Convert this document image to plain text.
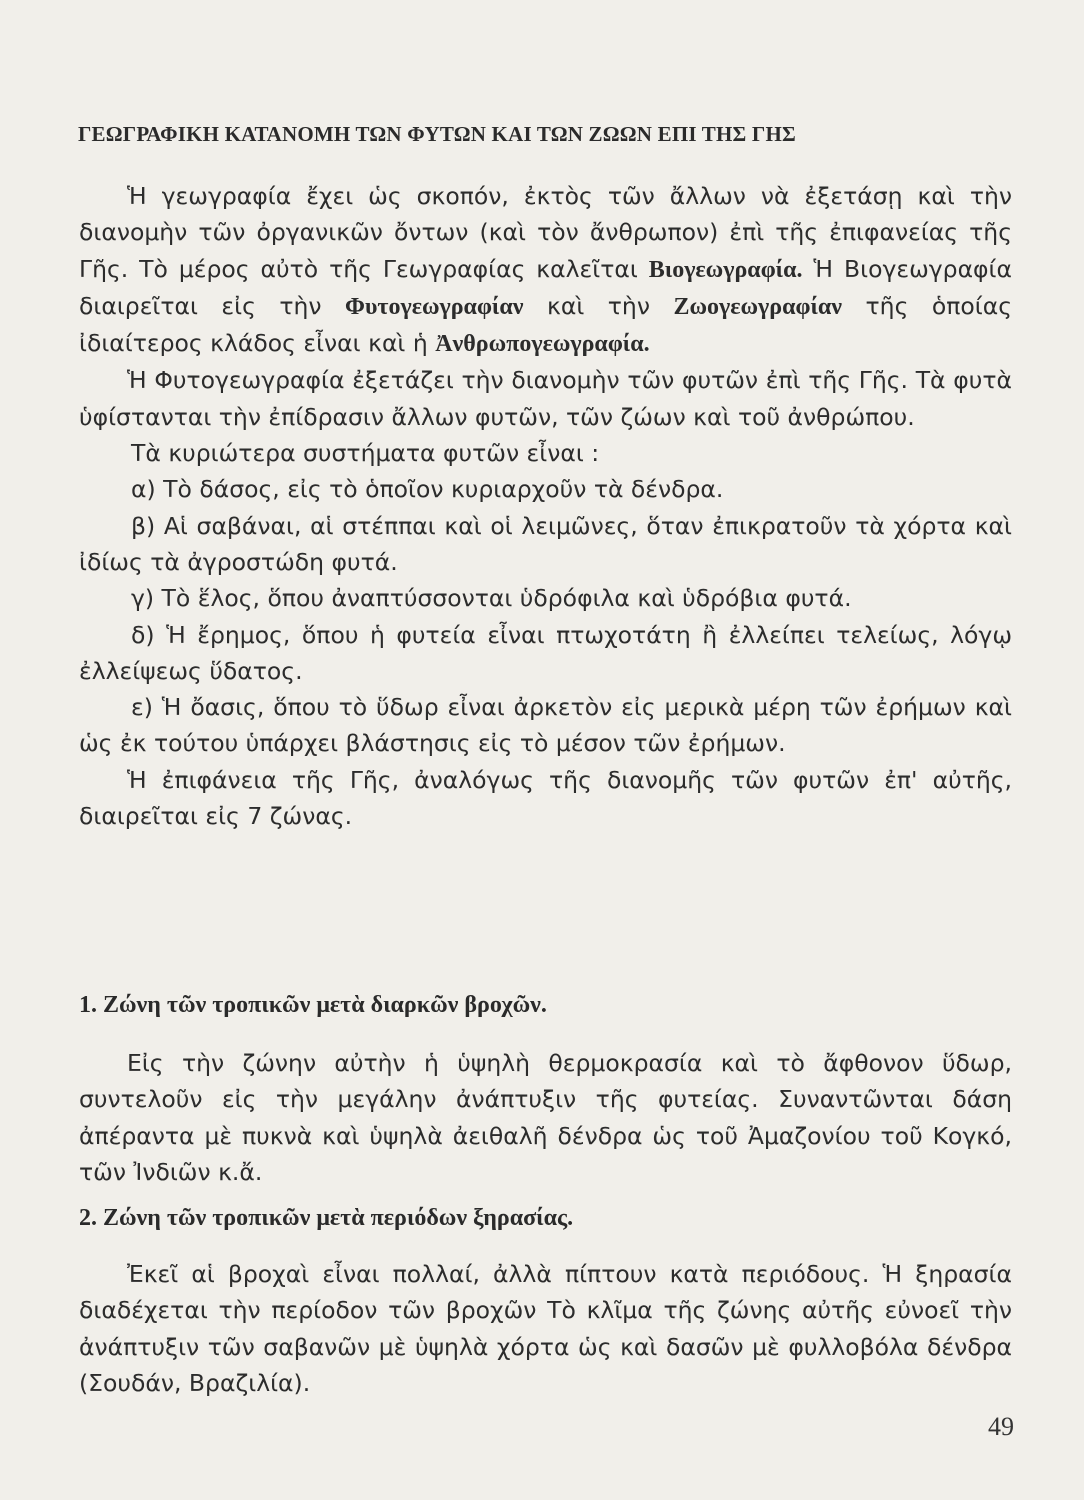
ΓΕΩΓΡΑΦΙΚΗ ΚΑΤΑΝΟΜΗ ΤΩΝ ΦΥΤΩΝ ΚΑΙ ΤΩΝ ΖΩΩΝ ΕΠΙ ΤΗΣ ΓΗΣ

Ἡ γεωγραφία ἔχει ὡς σκοπόν, ἐκτὸς τῶν ἄλλων νὰ ἐξετάσῃ καὶ τὴν διανομὴν τῶν ὀργανικῶν ὄντων (καὶ τὸν ἄνθρωπον) ἐπὶ τῆς ἐπιφανείας τῆς Γῆς. Τὸ μέρος αὐτὸ τῆς Γεωγραφίας καλεῖται Βιογεωγραφία. Ἡ Βιογεωγραφία διαιρεῖται εἰς τὴν Φυτογεωγραφίαν καὶ τὴν Ζωογεωγραφίαν τῆς ὁποίας ἰδιαίτερος κλάδος εἶναι καὶ ἡ Ἀνθρωπογεωγραφία.

Ἡ Φυτογεωγραφία ἐξετάζει τὴν διανομὴν τῶν φυτῶν ἐπὶ τῆς Γῆς. Τὰ φυτὰ ὑφίστανται τὴν ἐπίδρασιν ἄλλων φυτῶν, τῶν ζώων καὶ τοῦ ἀνθρώπου.

Τὰ κυριώτερα συστήματα φυτῶν εἶναι :

α) Τὸ δάσος, εἰς τὸ ὁποῖον κυριαρχοῦν τὰ δένδρα.

β) Αἱ σαβάναι, αἱ στέππαι καὶ οἱ λειμῶνες, ὅταν ἐπικρατοῦν τὰ χόρτα καὶ ἰδίως τὰ ἀγροστώδη φυτά.

γ) Τὸ ἕλος, ὅπου ἀναπτύσσονται ὑδρόφιλα καὶ ὑδρόβια φυτά.

δ) Ἡ ἔρημος, ὅπου ἡ φυτεία εἶναι πτωχοτάτη ἢ ἐλλείπει τελείως, λόγῳ ἐλλείψεως ὕδατος.

ε) Ἡ ὄασις, ὅπου τὸ ὕδωρ εἶναι ἀρκετὸν εἰς μερικὰ μέρη τῶν ἐρήμων καὶ ὡς ἐκ τούτου ὑπάρχει βλάστησις εἰς τὸ μέσον τῶν ἐρήμων.

Ἡ ἐπιφάνεια τῆς Γῆς, ἀναλόγως τῆς διανομῆς τῶν φυτῶν ἐπ' αὐτῆς, διαιρεῖται εἰς 7 ζώνας.

1. Ζώνη τῶν τροπικῶν μετὰ διαρκῶν βροχῶν.

Εἰς τὴν ζώνην αὐτὴν ἡ ὑψηλὴ θερμοκρασία καὶ τὸ ἄφθονον ὕδωρ, συντελοῦν εἰς τὴν μεγάλην ἀνάπτυξιν τῆς φυτείας. Συναντῶνται δάση ἀπέραντα μὲ πυκνὰ καὶ ὑψηλὰ ἀειθαλῆ δένδρα ὡς τοῦ Ἀμαζονίου τοῦ Κογκό, τῶν Ἰνδιῶν κ.ἄ.

2. Ζώνη τῶν τροπικῶν μετὰ περιόδων ξηρασίας.

Ἐκεῖ αἱ βροχαὶ εἶναι πολλαί, ἀλλὰ πίπτουν κατὰ περιόδους. Ἡ ξηρασία διαδέχεται τὴν περίοδον τῶν βροχῶν Τὸ κλῖμα τῆς ζώνης αὐτῆς εὐνοεῖ τὴν ἀνάπτυξιν τῶν σαβανῶν μὲ ὑψηλὰ χόρτα ὡς καὶ δασῶν μὲ φυλλοβόλα δένδρα (Σουδάν, Βραζιλία).

49
